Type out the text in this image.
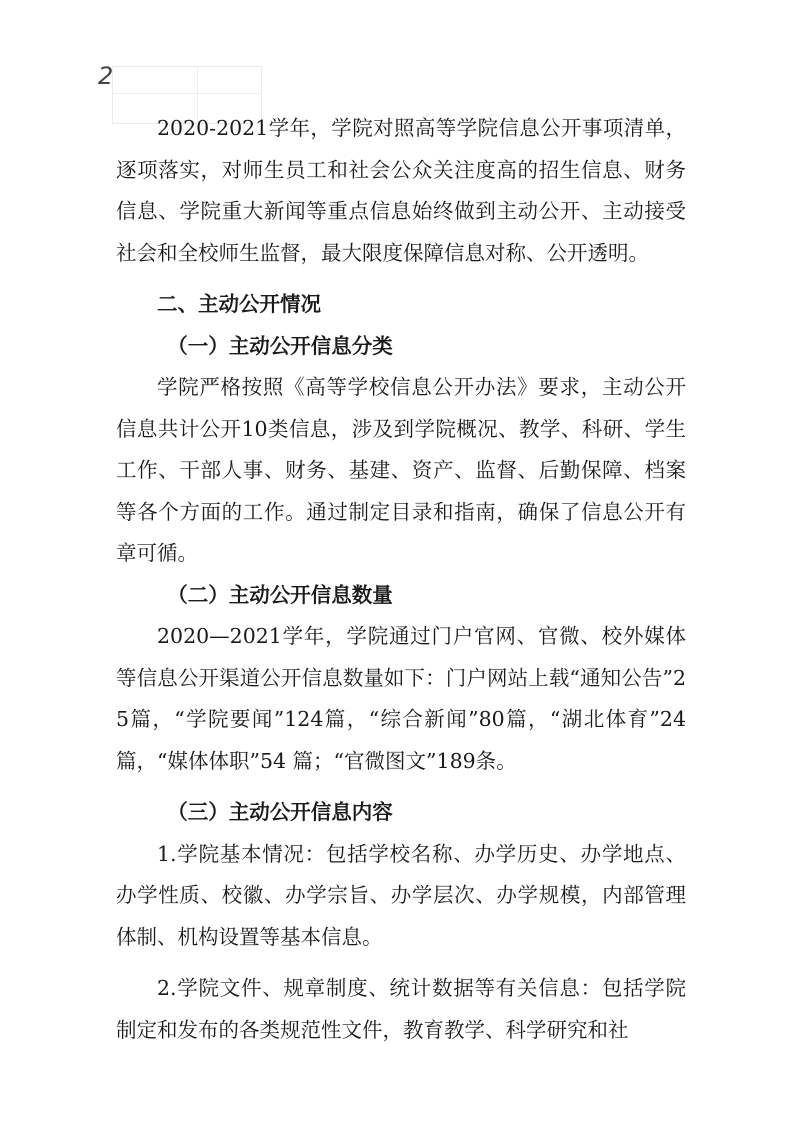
2

2020-2021学年，学院对照高等学院信息公开事项清单，逐项落实，对师生员工和社会公众关注度高的招生信息、财务信息、学院重大新闻等重点信息始终做到主动公开、主动接受社会和全校师生监督，最大限度保障信息对称、公开透明。

二、主动公开情况

（一）主动公开信息分类

学院严格按照《高等学校信息公开办法》要求，主动公开信息共计公开10类信息，涉及到学院概况、教学、科研、学生工作、干部人事、财务、基建、资产、监督、后勤保障、档案等各个方面的工作。通过制定目录和指南，确保了信息公开有章可循。

（二）主动公开信息数量

2020—2021学年，学院通过门户官网、官微、校外媒体等信息公开渠道公开信息数量如下：门户网站上载“通知公告”25篇，“学院要闻”124篇，“综合新闻”80篇，“湖北体育”24篇，“媒体体职”54 篇；“官微图文”189条。

（三）主动公开信息内容

1.学院基本情况：包括学校名称、办学历史、办学地点、办学性质、校徽、办学宗旨、办学层次、办学规模，内部管理体制、机构设置等基本信息。

2.学院文件、规章制度、统计数据等有关信息：包括学院制定和发布的各类规范性文件，教育教学、科学研究和社
